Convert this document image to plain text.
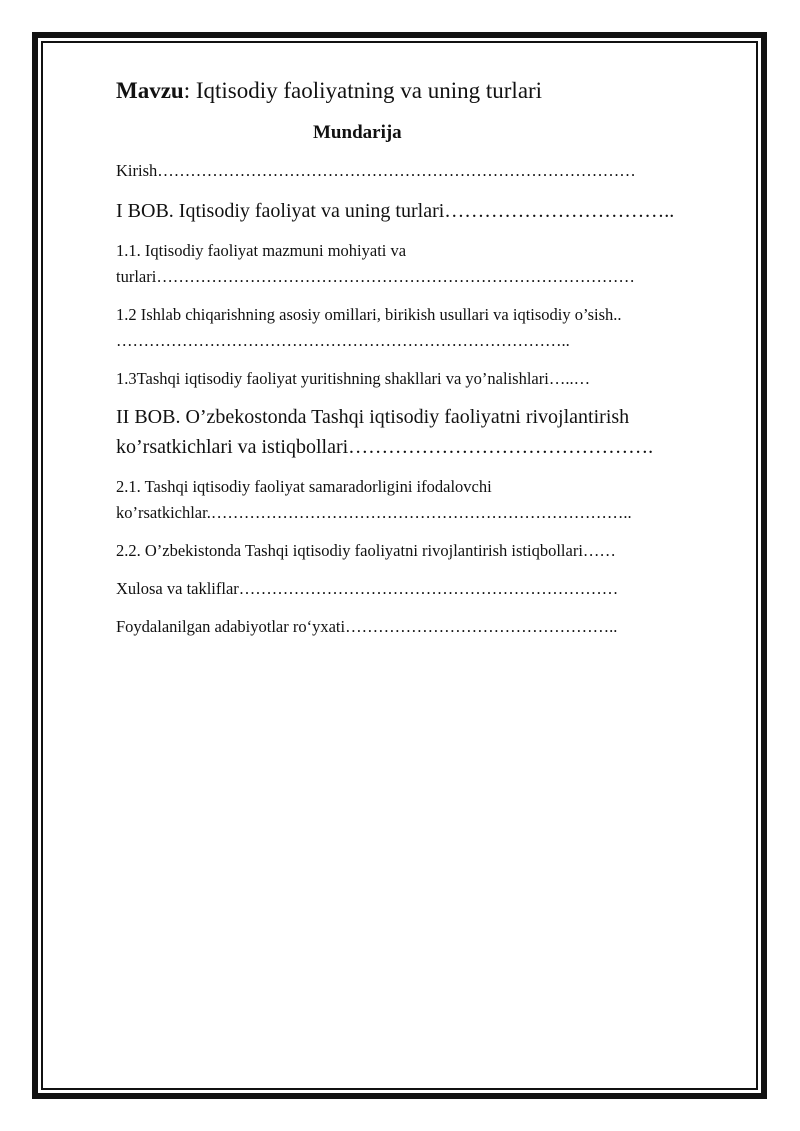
Mavzu: Iqtisodiy faoliyatning va uning turlari
Mundarija
Kirish……………………………………………………………………………
I BOB. Iqtisodiy faoliyat va uning turlari……………………………..
1.1. Iqtisodiy faoliyat mazmuni mohiyati va
turlari……………………………………………………………………………
1.2 Ishlab chiqarishning asosiy omillari, birikish usullari va iqtisodiy o’sish..
………………………………………………………………………..
1.3Tashqi iqtisodiy faoliyat yuritishning shakllari va yo’nalishlari…..…
II BOB. O’zbekostonda Tashqi iqtisodiy faoliyatni rivojlantirish
ko’rsatkichlari va istiqbollari……………………………………….
2.1. Tashqi iqtisodiy faoliyat samaradorligini ifodalovchi
ko’rsatkichlar.…………………………………………………………………..
2.2. O’zbekistonda Tashqi iqtisodiy faoliyatni rivojlantirish istiqbollari……
Xulosa va takliflar……………………………………………………………
Foydalanilgan adabiyotlar ro‘yxati…………………………………………..
